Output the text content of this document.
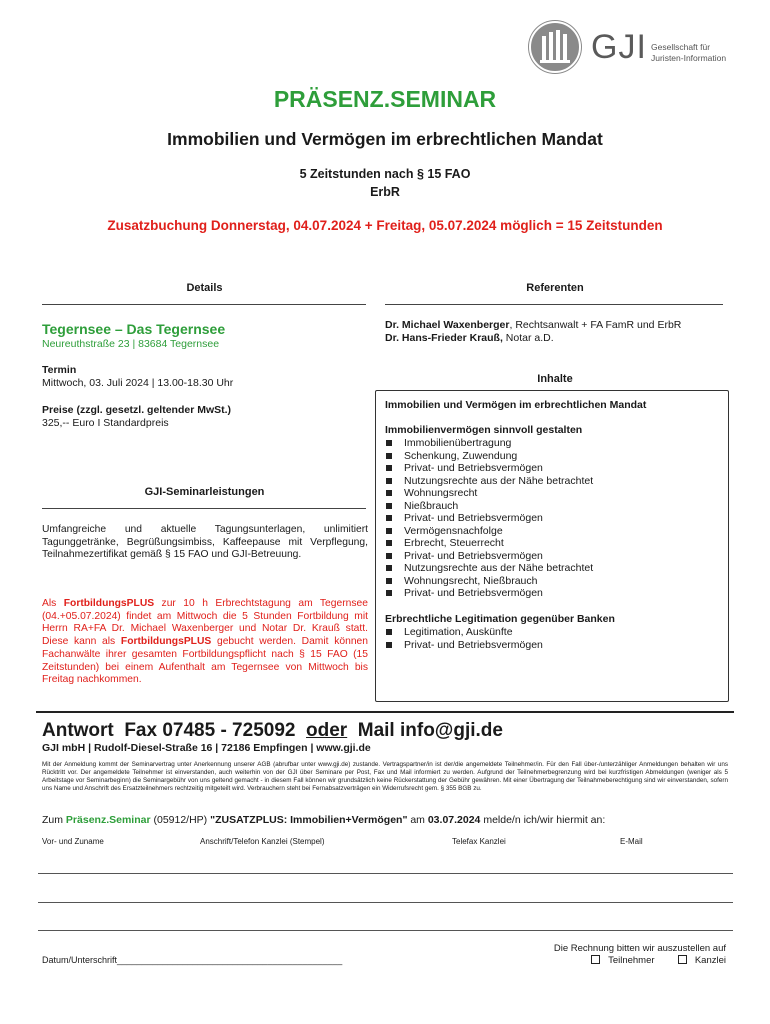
GJI Gesellschaft für
Juristen-Information
PRÄSENZ.SEMINAR
Immobilien und Vermögen im erbrechtlichen Mandat
5 Zeitstunden nach § 15 FAO
ErbR
Zusatzbuchung Donnerstag, 04.07.2024 + Freitag, 05.07.2024 möglich = 15 Zeitstunden
Details
Tegernsee – Das Tegernsee
Neureuthstraße 23 | 83684 Tegernsee
Termin
Mittwoch, 03. Juli 2024 | 13.00-18.30 Uhr
Preise (zzgl. gesetzl. geltender MwSt.)
325,-- Euro I Standardpreis
GJI-Seminarleistungen
Umfangreiche und aktuelle Tagungsunterlagen, unlimitiert Tagunggetränke, Begrüßungsimbiss, Kaffeepause mit Verpflegung, Teilnahmezertifikat gemäß § 15 FAO und GJI-Betreuung.
Als FortbildungsPLUS zur 10 h Erbrechtstagung am Tegernsee (04.+05.07.2024) findet am Mittwoch die 5 Stunden Fortbildung mit Herrn RA+FA Dr. Michael Waxenberger und Notar Dr. Krauß statt. Diese kann als FortbildungsPLUS gebucht werden. Damit können Fachanwälte ihrer gesamten Fortbildungspflicht nach § 15 FAO (15 Zeitstunden) bei einem Aufenthalt am Tegernsee von Mittwoch bis Freitag nachkommen.
Referenten
Dr. Michael Waxenberger, Rechtsanwalt + FA FamR und ErbR
Dr. Hans-Frieder Krauß, Notar a.D.
Inhalte
Immobilien und Vermögen im erbrechtlichen Mandat
Immobilienvermögen sinnvoll gestalten
Immobilienübertragung
Schenkung, Zuwendung
Privat- und Betriebsvermögen
Nutzungsrechte aus der Nähe betrachtet
Wohnungsrecht
Nießbrauch
Privat- und Betriebsvermögen
Vermögensnachfolge
Erbrecht, Steuerrecht
Privat- und Betriebsvermögen
Nutzungsrechte aus der Nähe betrachtet
Wohnungsrecht, Nießbrauch
Privat- und Betriebsvermögen
Erbrechtliche Legitimation gegenüber Banken
Legitimation, Auskünfte
Privat- und Betriebsvermögen
Antwort  Fax 07485 - 725092  oder  Mail info@gji.de
GJI mbH | Rudolf-Diesel-Straße 16 | 72186 Empfingen | www.gji.de
Mit der Anmeldung kommt der Seminarvertrag unter Anerkennung unserer AGB (abrufbar unter www.gji.de) zustande. Vertragspartner/in ist der/die angemeldete Teilnehmer/in. Für den Fall über-/unterzähliger Anmeldungen behalten wir uns Rücktritt vor. Der angemeldete Teilnehmer ist einverstanden, auch weiterhin von der GJI über Seminare per Post, Fax und Mail informiert zu werden. Aufgrund der Teilnehmerbegrenzung wird bei kurzfristigen Abmeldungen (weniger als 5 Arbeitstage vor Seminarbeginn) die Seminargebühr von uns geltend gemacht - in diesem Fall können wir grundsätzlich keine Rückerstattung der Gebühr gewähren. Mit einer Übertragung der Teilnahmeberechtigung sind wir einverstanden, sofern uns Name und Anschrift des Ersatzteilnehmers rechtzeitig mitgeteilt wird. Verbrauchern steht bei Fernabsatzverträgen ein Widerrufsrecht gem. § 355 BGB zu.
Zum Präsenz.Seminar (05912/HP) "ZUSATZPLUS: Immobilien+Vermögen" am 03.07.2024 melde/n ich/wir hiermit an:
Vor- und Zuname	Anschrift/Telefon Kanzlei (Stempel)	Telefax Kanzlei	E-Mail
Datum/Unterschrift_____________________________________________
Die Rechnung bitten wir auszustellen auf
Teilnehmer	Kanzlei
